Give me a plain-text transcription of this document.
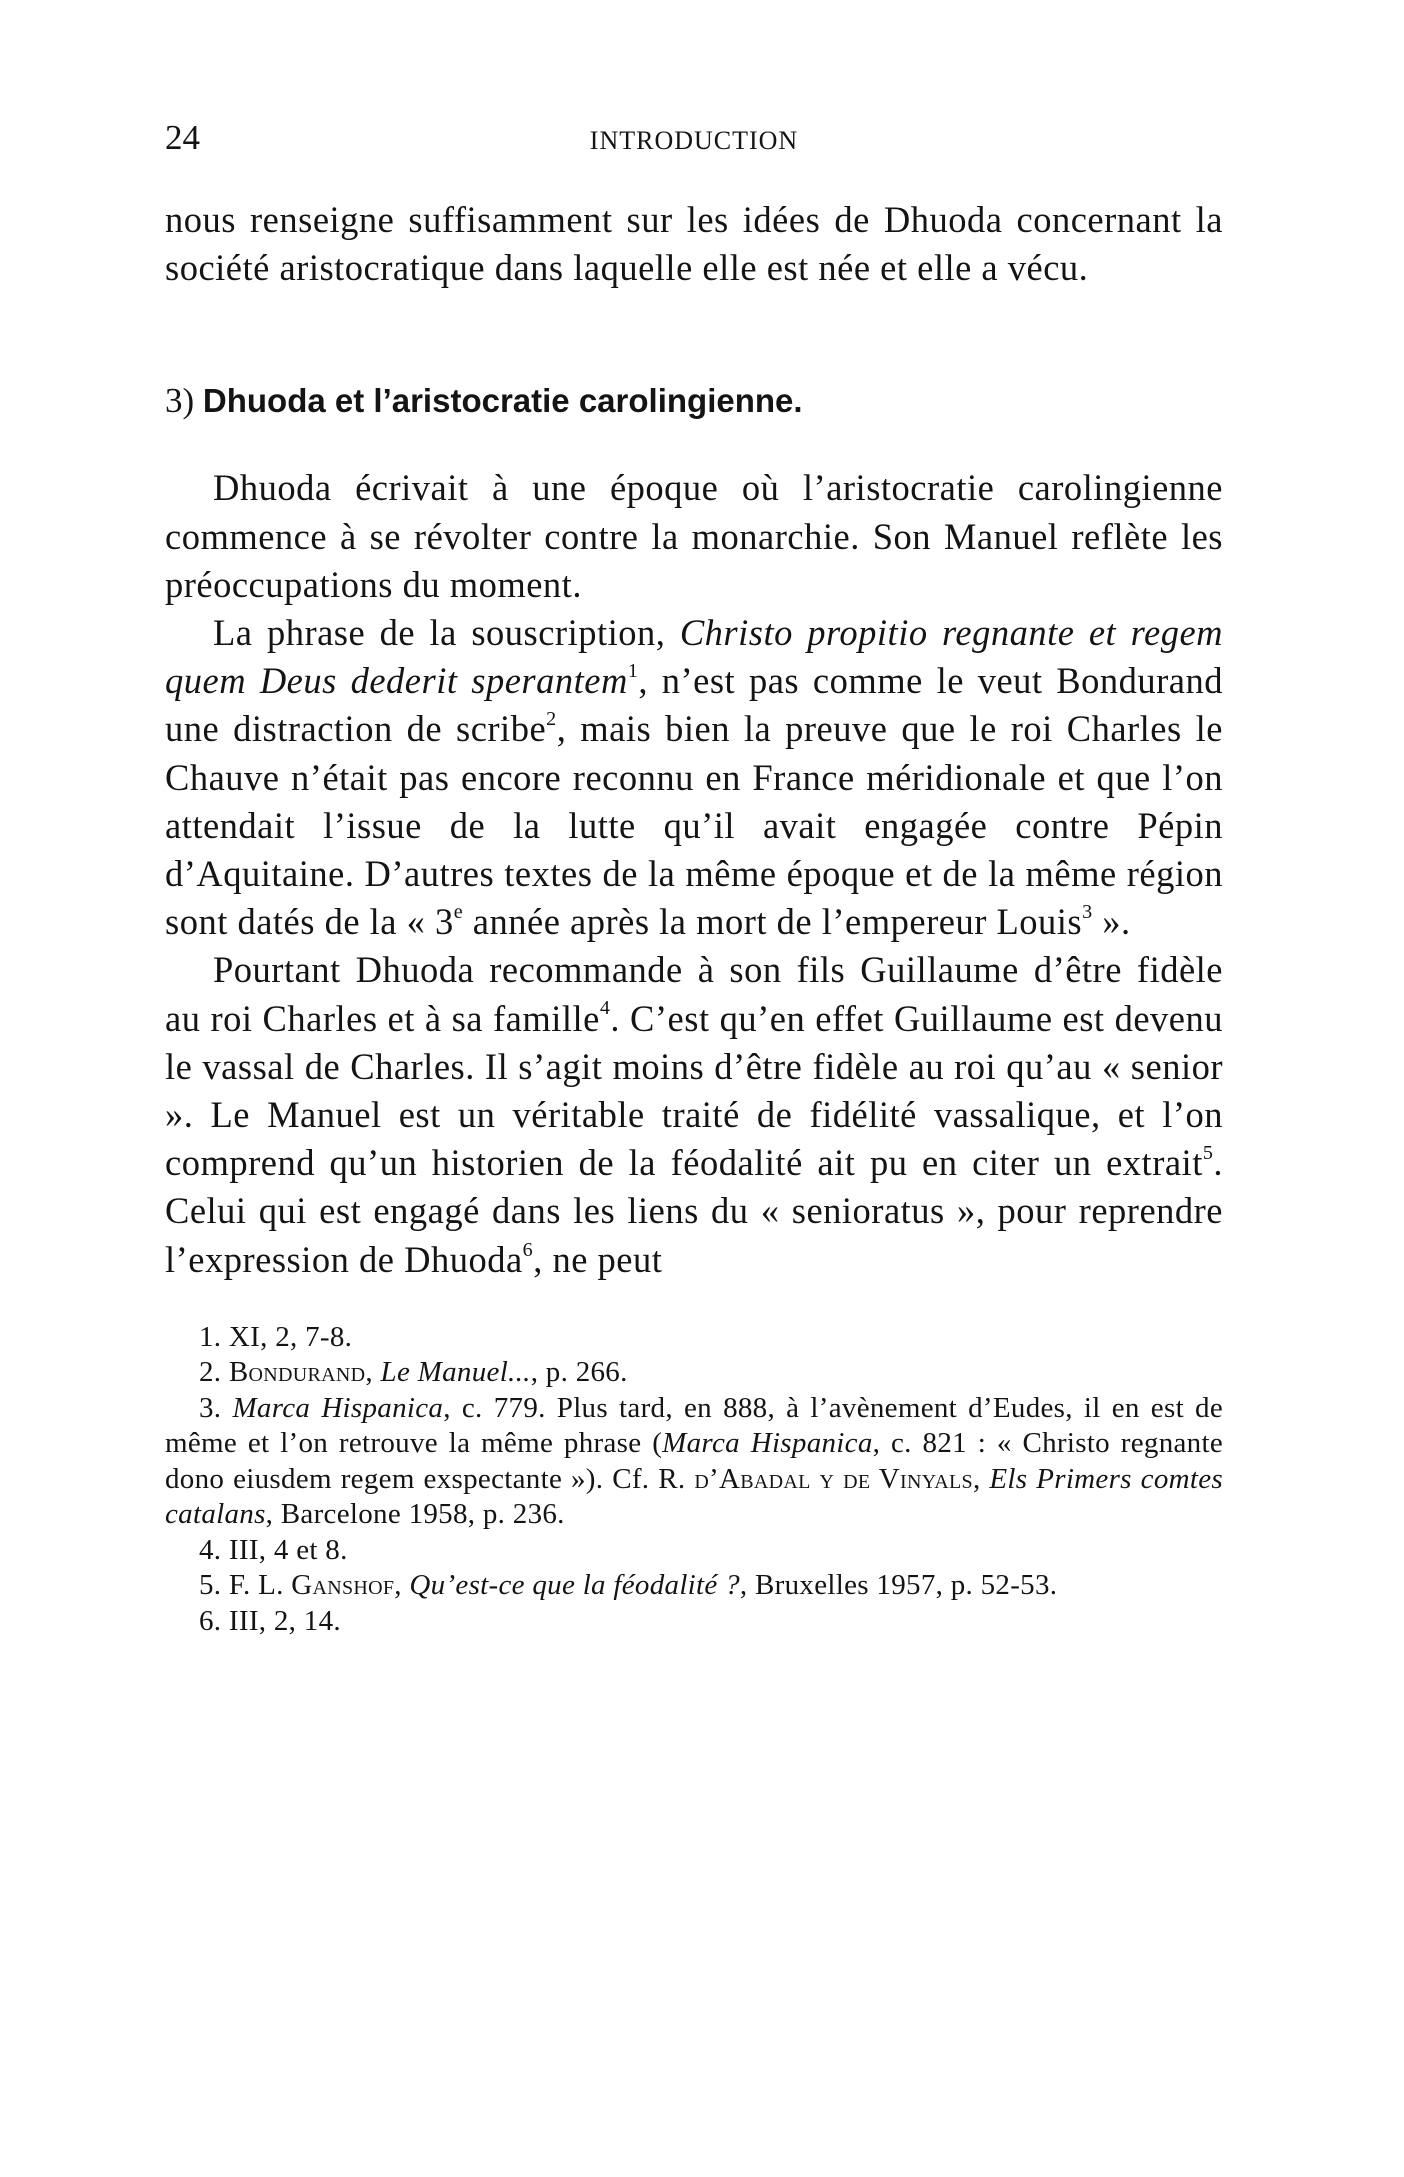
24	INTRODUCTION

nous renseigne suffisamment sur les idées de Dhuoda concernant la société aristocratique dans laquelle elle est née et elle a vécu.

3) Dhuoda et l’aristocratie carolingienne.

Dhuoda écrivait à une époque où l’aristocratie carolingienne commence à se révolter contre la monarchie. Son Manuel reflète les préoccupations du moment.

La phrase de la souscription, Christo propitio regnante et regem quem Deus dederit sperantem$^1$, n’est pas comme le veut Bondurand une distraction de scribe$^2$, mais bien la preuve que le roi Charles le Chauve n’était pas encore reconnu en France méridionale et que l’on attendait l’issue de la lutte qu’il avait engagée contre Pépin d’Aquitaine. D’autres textes de la même époque et de la même région sont datés de la « 3e année après la mort de l’empereur Louis$^3$ ».

Pourtant Dhuoda recommande à son fils Guillaume d’être fidèle au roi Charles et à sa famille$^4$. C’est qu’en effet Guillaume est devenu le vassal de Charles. Il s’agit moins d’être fidèle au roi qu’au « senior ». Le Manuel est un véritable traité de fidélité vassalique, et l’on comprend qu’un historien de la féodalité ait pu en citer un extrait$^5$. Celui qui est engagé dans les liens du « senioratus », pour reprendre l’expression de Dhuoda$^6$, ne peut

1. XI, 2, 7-8.

2. Bondurand, Le Manuel..., p. 266.

3. Marca Hispanica, c. 779. Plus tard, en 888, à l’avènement d’Eudes, il en est de même et l’on retrouve la même phrase (Marca Hispanica, c. 821 : « Christo regnante dono eiusdem regem exspectante »). Cf. R. d’Abadal y de Vinyals, Els Primers comtes catalans, Barcelone 1958, p. 236.

4. III, 4 et 8.

5. F. L. Ganshof, Qu’est-ce que la féodalité ?, Bruxelles 1957, p. 52-53.

6. III, 2, 14.
